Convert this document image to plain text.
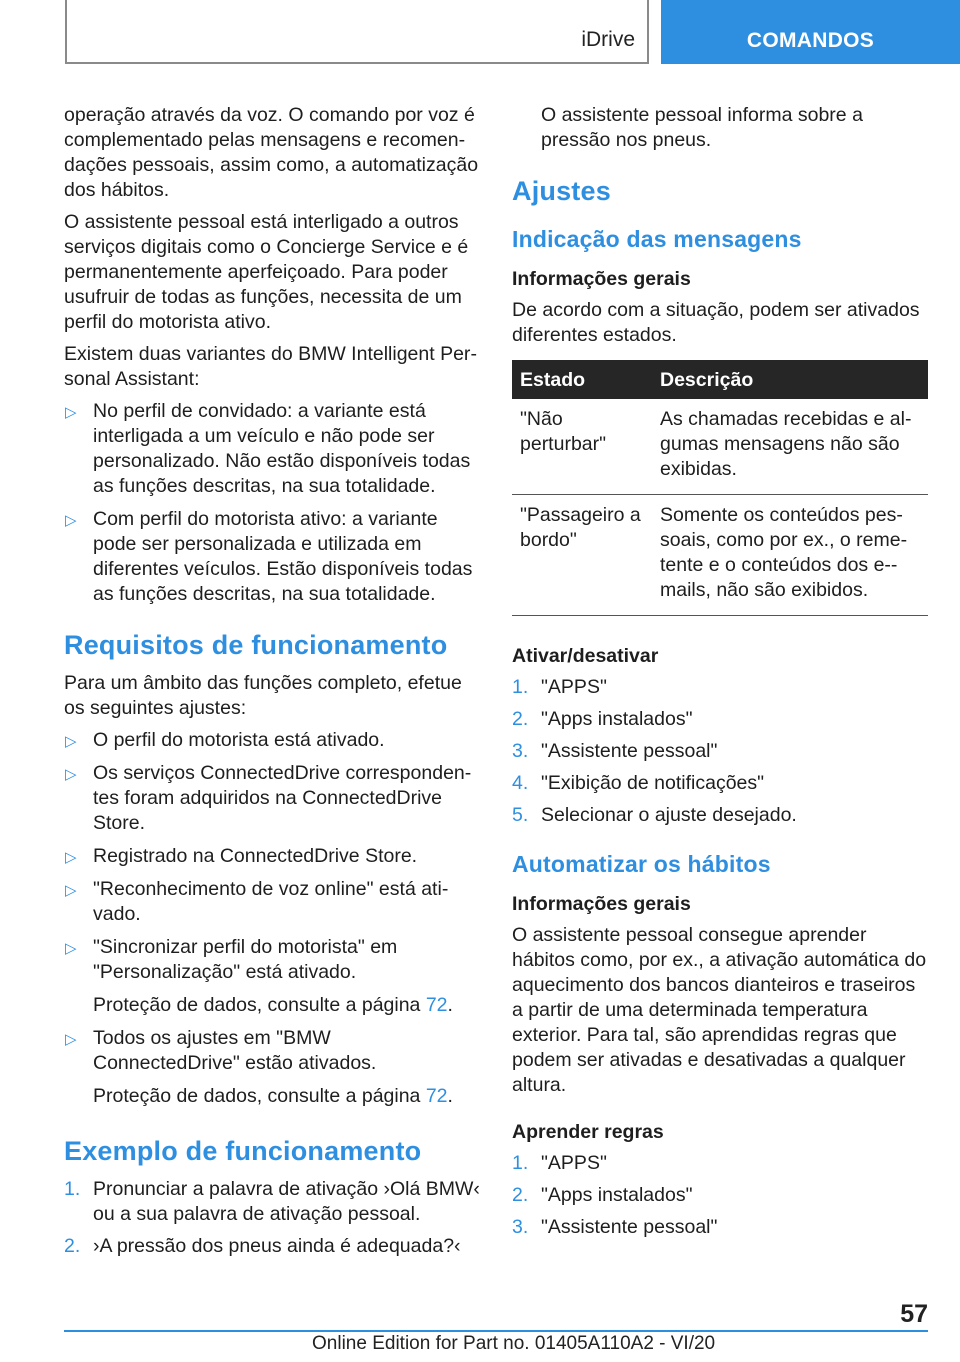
iDrive	COMANDOS

operação através da voz. O comando por voz é complementado pelas mensagens e recomendações pessoais, assim como, a automatização dos hábitos.

O assistente pessoal está interligado a outros serviços digitais como o Concierge Service e é permanentemente aperfeiçoado. Para poder usufruir de todas as funções, necessita de um perfil do motorista ativo.

Existem duas variantes do BMW Intelligent Personal Assistant:

▷ No perfil de convidado: a variante está interligada a um veículo e não pode ser personalizado. Não estão disponíveis todas as funções descritas, na sua totalidade.
▷ Com perfil do motorista ativo: a variante pode ser personalizada e utilizada em diferentes veículos. Estão disponíveis todas as funções descritas, na sua totalidade.
Requisitos de funcionamento

Para um âmbito das funções completo, efetue os seguintes ajustes:

▷ O perfil do motorista está ativado.
▷ Os serviços ConnectedDrive correspondentes foram adquiridos na ConnectedDrive Store.
▷ Registrado na ConnectedDrive Store.
▷ "Reconhecimento de voz online" está ativado.
▷ "Sincronizar perfil do motorista" em "Personalização" está ativado.

Proteção de dados, consulte a página 72.

▷ Todos os ajustes em "BMW ConnectedDrive" estão ativados.

Proteção de dados, consulte a página 72.

Exemplo de funcionamento
1. Pronunciar a palavra de ativação ›Olá BMW‹ ou a sua palavra de ativação pessoal.
2. ›A pressão dos pneus ainda é adequada?‹

O assistente pessoal informa sobre a pressão nos pneus.

Ajustes
Indicação das mensagens
Informações gerais

De acordo com a situação, podem ser ativados diferentes estados.

Estado	Descrição
"Não perturbar"	As chamadas recebidas e algumas mensagens não são exibidas.
"Passageiro a bordo"	Somente os conteúdos pessoais, como por ex., o remetente e o conteúdos dos e-mails, não são exibidos.
Ativar/desativar
1. "APPS"
2. "Apps instalados"
3. "Assistente pessoal"
4. "Exibição de notificações"
5. Selecionar o ajuste desejado.
Automatizar os hábitos
Informações gerais

O assistente pessoal consegue aprender hábitos como, por ex., a ativação automática do aquecimento dos bancos dianteiros e traseiros a partir de uma determinada temperatura exterior. Para tal, são aprendidas regras que podem ser ativadas e desativadas a qualquer altura.

Aprender regras
1. "APPS"
2. "Apps instalados"
3. "Assistente pessoal"
57
Online Edition for Part no. 01405A110A2 - VI/20
